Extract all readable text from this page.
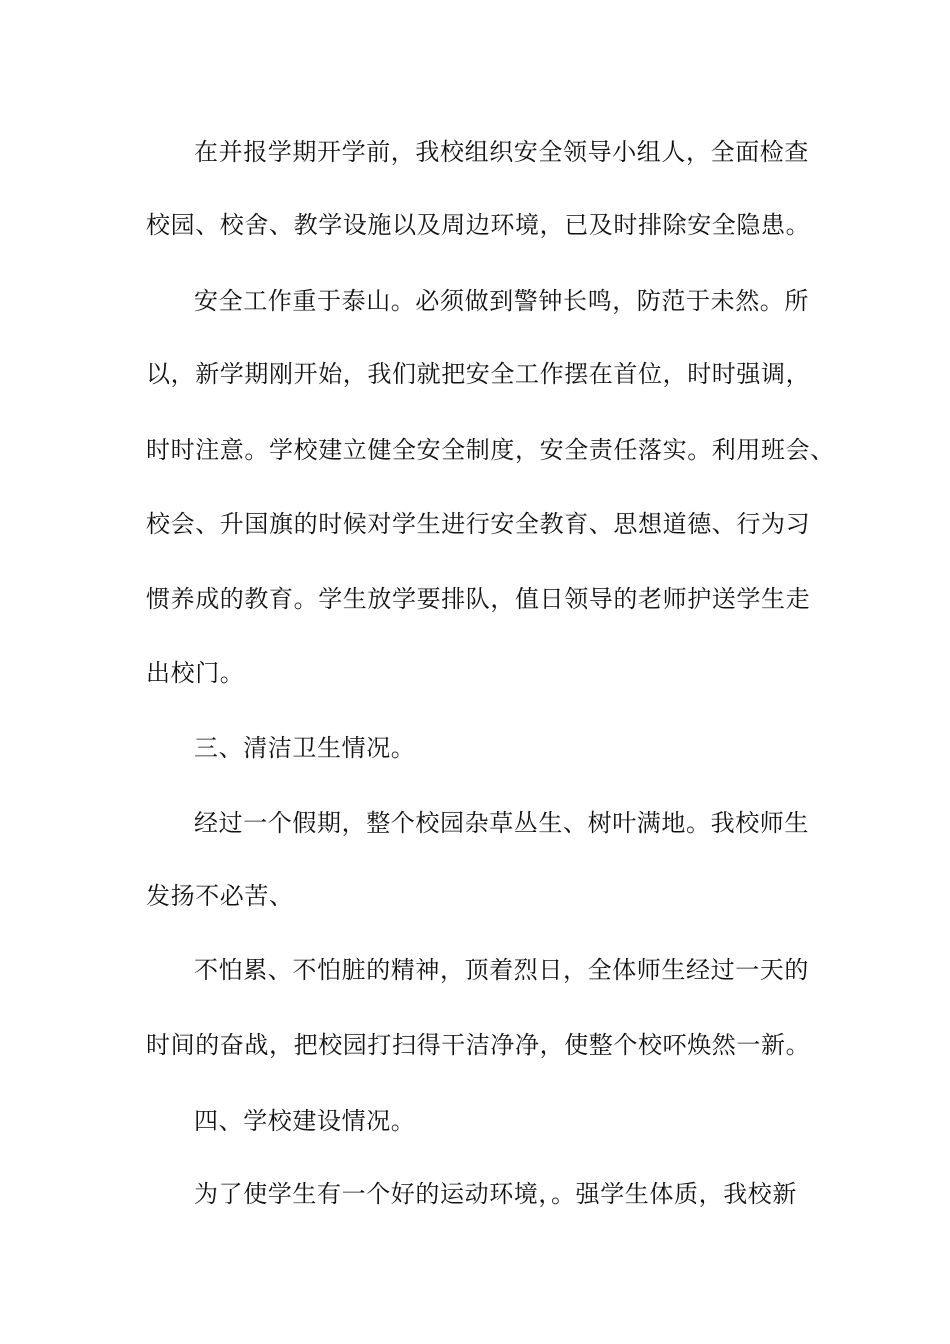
在并报学期开学前，我校组织安全领导小组人，全面检查
校园、校舍、教学设施以及周边环境，已及时排除安全隐患。
安全工作重于泰山。必须做到警钟长鸣，防范于未然。所
以，新学期刚开始，我们就把安全工作摆在首位，时时强调，
时时注意。学校建立健全安全制度，安全责任落实。利用班会、
校会、升国旗的时候对学生进行安全教育、思想道德、行为习
惯养成的教育。学生放学要排队，值日领导的老师护送学生走
出校门。
三、清洁卫生情况。
经过一个假期，整个校园杂草丛生、树叶满地。我校师生
发扬不必苦、
不怕累、不怕脏的精神，顶着烈日，全体师生经过一天的
时间的奋战，把校园打扫得干洁净净，使整个校吥焕然一新。
四、学校建设情况。
为了使学生有一个好的运动环境，。强学生体质，我校新
